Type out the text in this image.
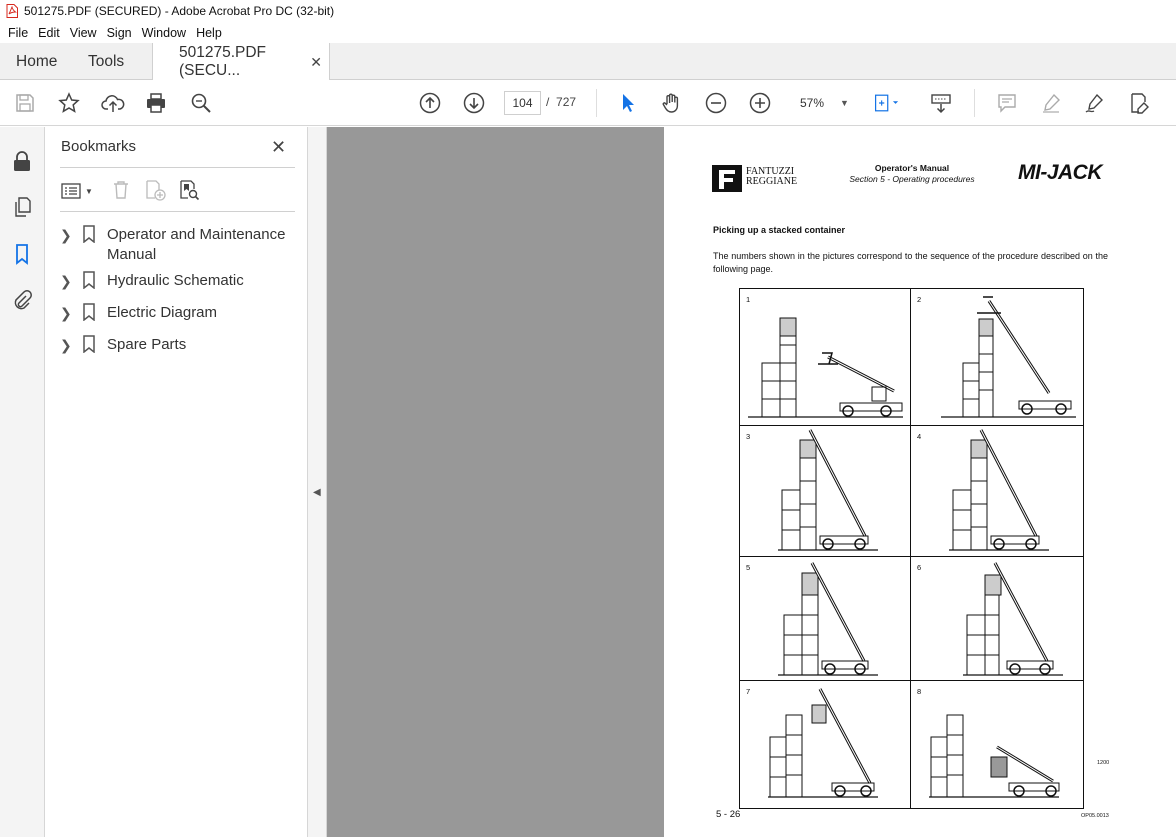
501275.PDF (SECURED) - Adobe Acrobat Pro DC (32-bit)
File Edit View Sign Window Help
Home Tools	501275.PDF (SECU...
✕
104	/ 727	57% ▼
Bookmarks	✕
▼
❯ Operator and Maintenance Manual
❯ Hydraulic Schematic
❯ Electric Diagram
❯ Spare Parts
◀
FANTUZZI
REGGIANE
Operator's Manual
Section 5 - Operating procedures	MI-JACK
Picking up a stacked container
The numbers shown in the pictures correspond to the sequence of the procedure described on the following page.
1	2
3	4
5	6
7	8
1200
5 - 26	OP05.0013
